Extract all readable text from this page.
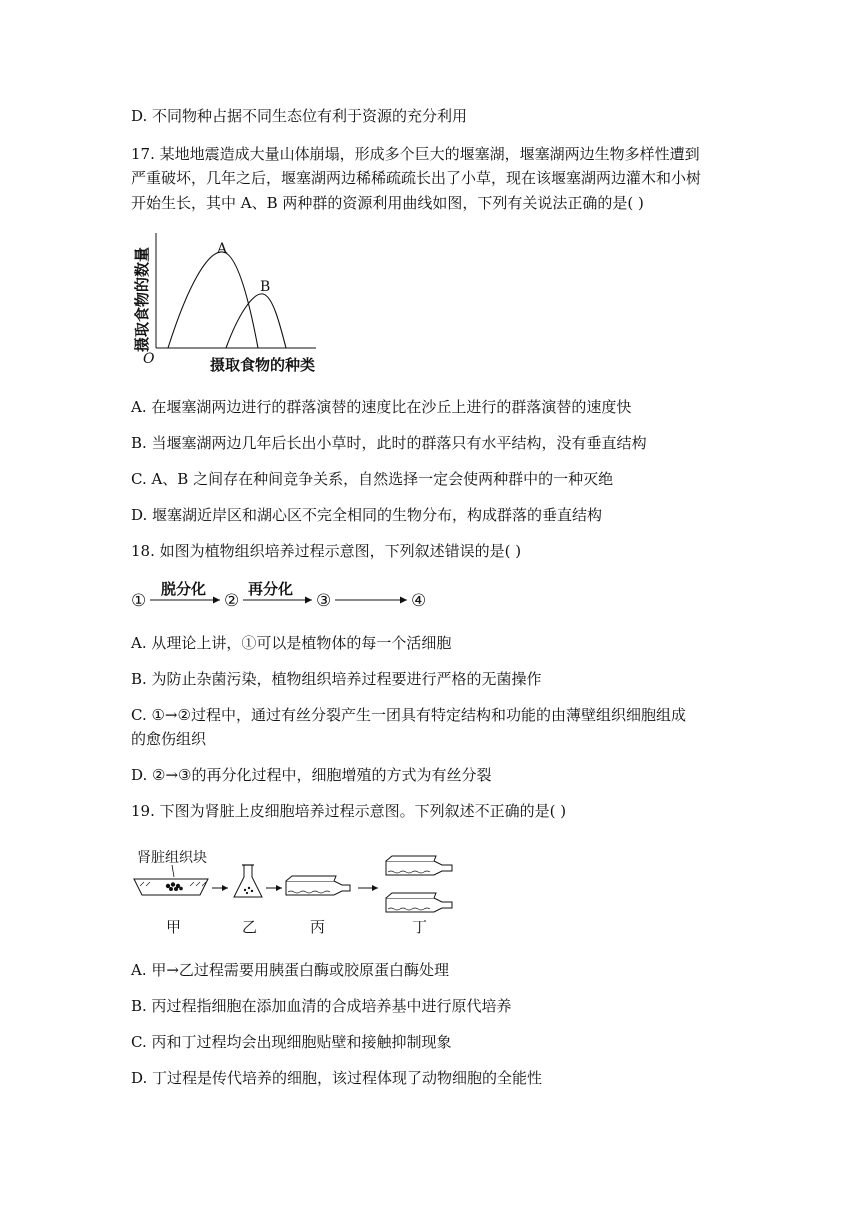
D. 不同物种占据不同生态位有利于资源的充分利用
17. 某地地震造成大量山体崩塌，形成多个巨大的堰塞湖，堰塞湖两边生物多样性遭到
严重破坏，几年之后，堰塞湖两边稀稀疏疏长出了小草，现在该堰塞湖两边灌木和小树
开始生长，其中 A、B 两种群的资源利用曲线如图，下列有关说法正确的是( )
A
B
O	摄取食物的种类
摄取食物的数量
A. 在堰塞湖两边进行的群落演替的速度比在沙丘上进行的群落演替的速度快
B. 当堰塞湖两边几年后长出小草时，此时的群落只有水平结构，没有垂直结构
C. A、B 之间存在种间竞争关系，自然选择一定会使两种群中的一种灭绝
D. 堰塞湖近岸区和湖心区不完全相同的生物分布，构成群落的垂直结构
18. 如图为植物组织培养过程示意图，下列叙述错误的是( )
①	②	③	④
脱分化	再分化
A. 从理论上讲，①可以是植物体的每一个活细胞
B. 为防止杂菌污染，植物组织培养过程要进行严格的无菌操作
C. ①→②过程中，通过有丝分裂产生一团具有特定结构和功能的由薄壁组织细胞组成
的愈伤组织
D. ②→③的再分化过程中，细胞增殖的方式为有丝分裂
19. 下图为肾脏上皮细胞培养过程示意图。下列叙述不正确的是( )
肾脏组织块
甲	乙	丙	丁
A. 甲→乙过程需要用胰蛋白酶或胶原蛋白酶处理
B. 丙过程指细胞在添加血清的合成培养基中进行原代培养
C. 丙和丁过程均会出现细胞贴壁和接触抑制现象
D. 丁过程是传代培养的细胞，该过程体现了动物细胞的全能性
